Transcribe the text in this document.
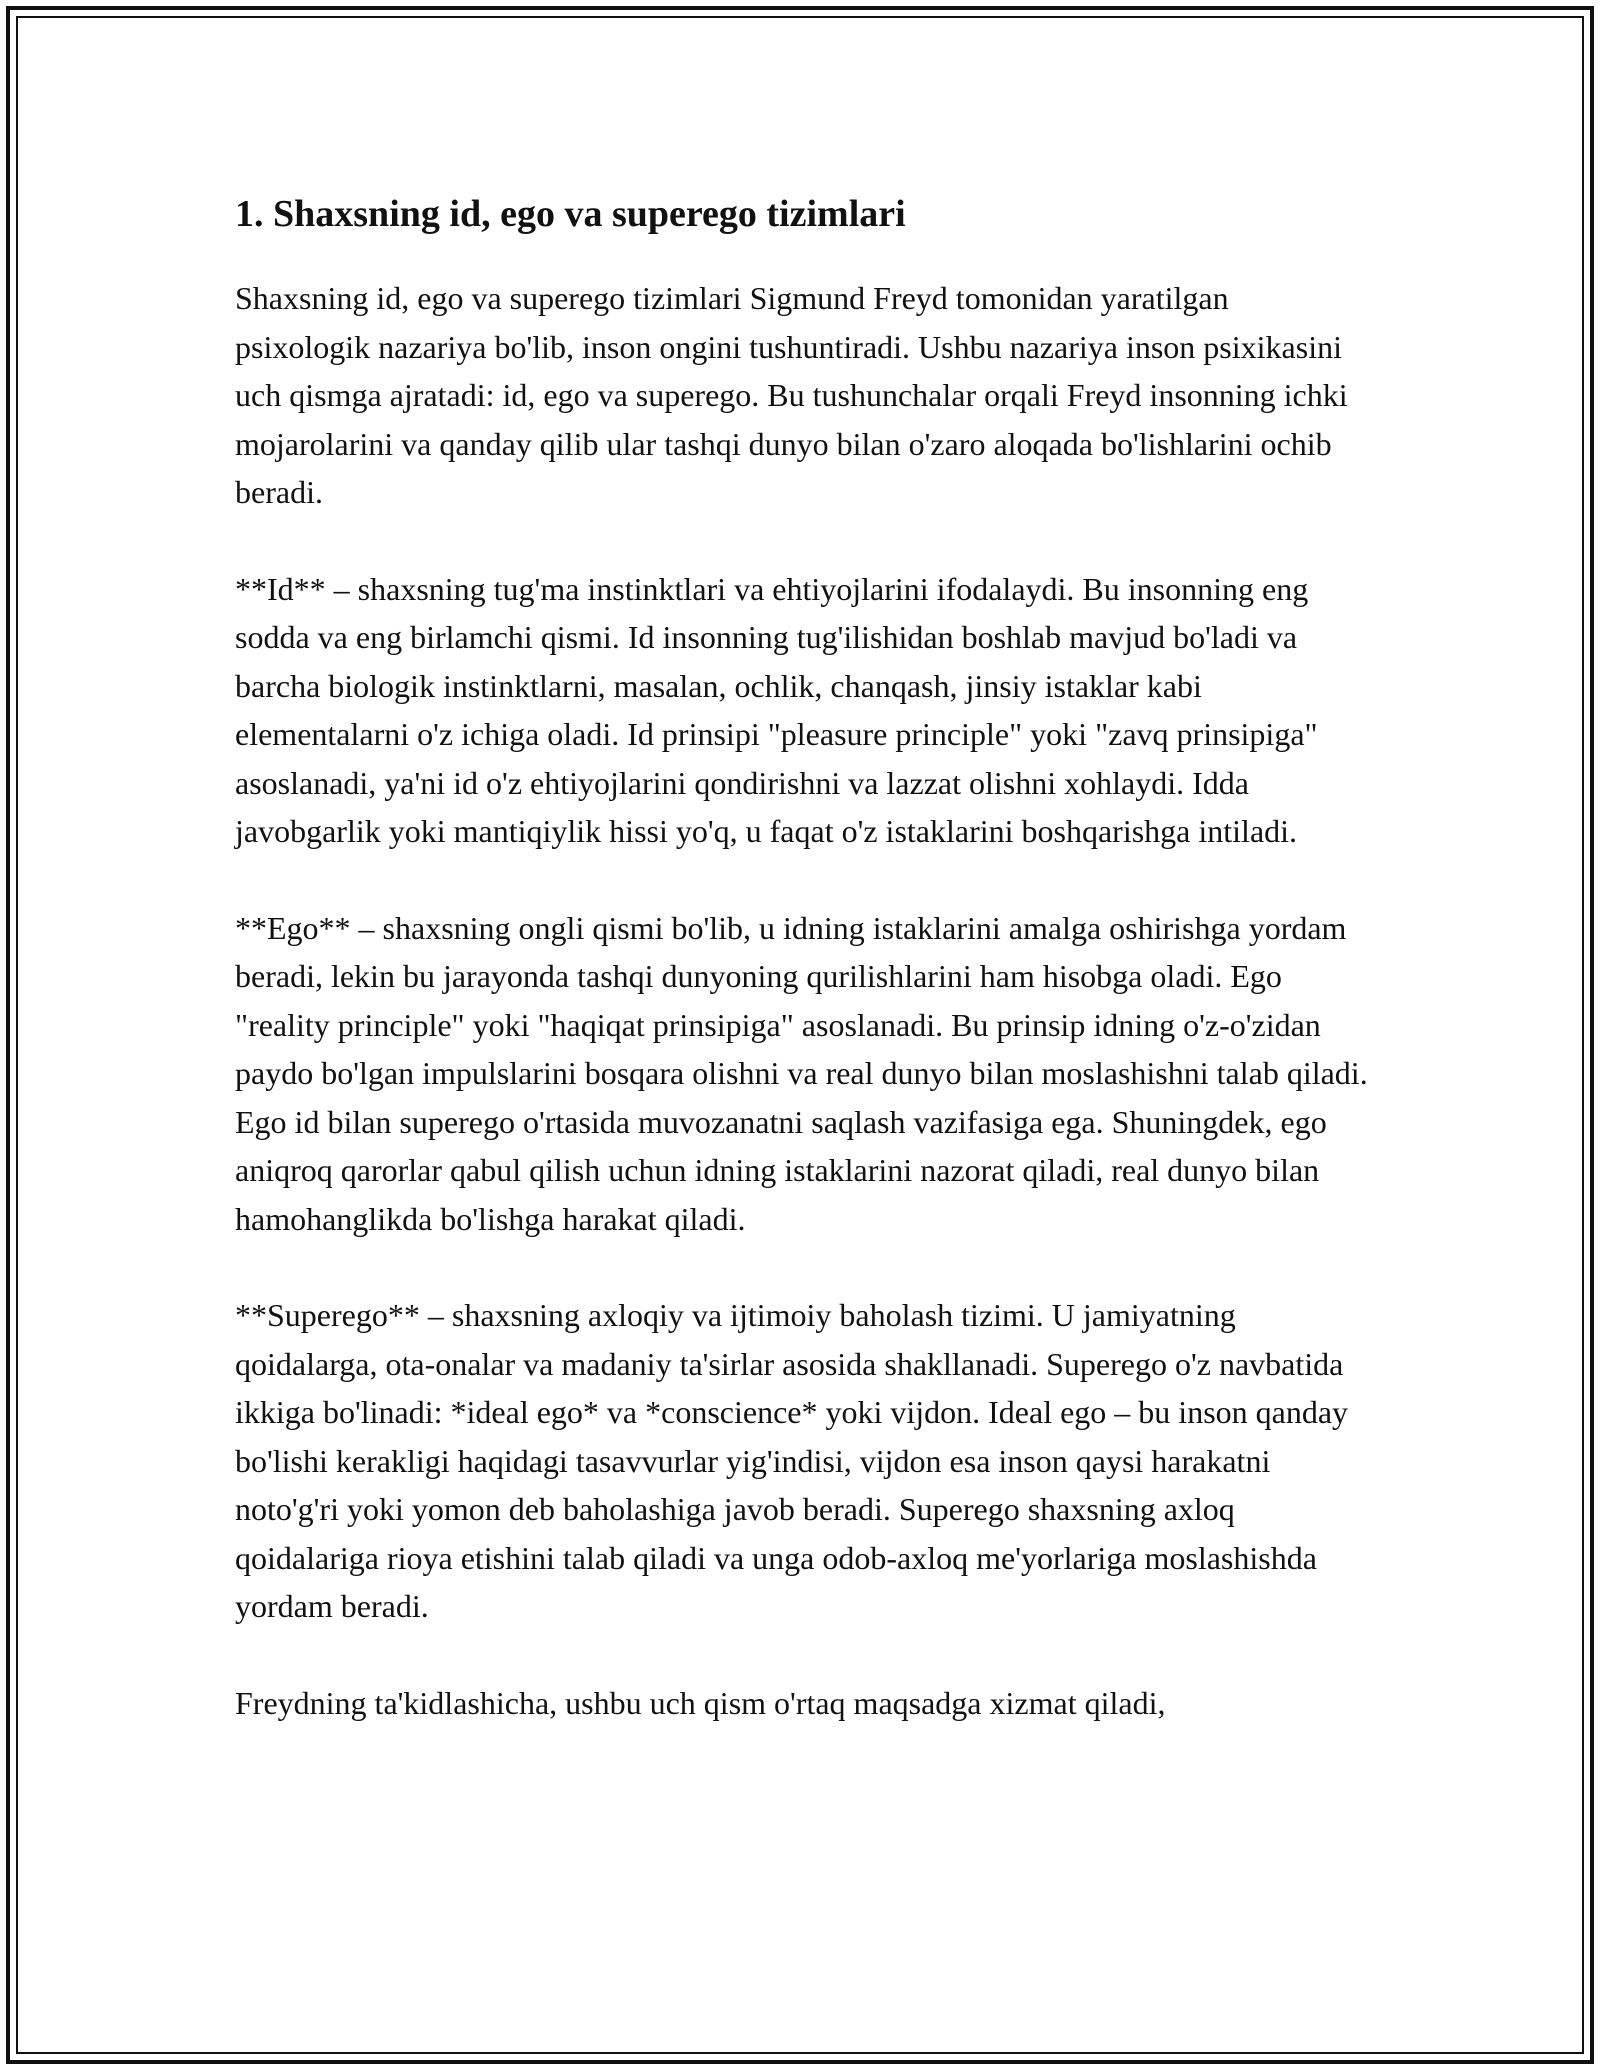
1. Shaxsning id, ego va superego tizimlari

Shaxsning id, ego va superego tizimlari Sigmund Freyd tomonidan yaratilgan psixologik nazariya bo'lib, inson ongini tushuntiradi. Ushbu nazariya inson psixikasini uch qismga ajratadi: id, ego va superego. Bu tushunchalar orqali Freyd insonning ichki mojarolarini va qanday qilib ular tashqi dunyo bilan o'zaro aloqada bo'lishlarini ochib beradi.

**Id** – shaxsning tug'ma instinktlari va ehtiyojlarini ifodalaydi. Bu insonning eng sodda va eng birlamchi qismi. Id insonning tug'ilishidan boshlab mavjud bo'ladi va barcha biologik instinktlarni, masalan, ochlik, chanqash, jinsiy istaklar kabi elementalarni o'z ichiga oladi. Id prinsipi "pleasure principle" yoki "zavq prinsipiga" asoslanadi, ya'ni id o'z ehtiyojlarini qondirishni va lazzat olishni xohlaydi. Idda javobgarlik yoki mantiqiylik hissi yo'q, u faqat o'z istaklarini boshqarishga intiladi.

**Ego** – shaxsning ongli qismi bo'lib, u idning istaklarini amalga oshirishga yordam beradi, lekin bu jarayonda tashqi dunyoning qurilishlarini ham hisobga oladi. Ego "reality principle" yoki "haqiqat prinsipiga" asoslanadi. Bu prinsip idning o'z-o'zidan paydo bo'lgan impulslarini bosqara olishni va real dunyo bilan moslashishni talab qiladi. Ego id bilan superego o'rtasida muvozanatni saqlash vazifasiga ega. Shuningdek, ego aniqroq qarorlar qabul qilish uchun idning istaklarini nazorat qiladi, real dunyo bilan hamohanglikda bo'lishga harakat qiladi.

**Superego** – shaxsning axloqiy va ijtimoiy baholash tizimi. U jamiyatning qoidalarga, ota-onalar va madaniy ta'sirlar asosida shakllanadi. Superego o'z navbatida ikkiga bo'linadi: *ideal ego* va *conscience* yoki vijdon. Ideal ego – bu inson qanday bo'lishi kerakligi haqidagi tasavvurlar yig'indisi, vijdon esa inson qaysi harakatni noto'g'ri yoki yomon deb baholashiga javob beradi. Superego shaxsning axloq qoidalariga rioya etishini talab qiladi va unga odob-axloq me'yorlariga moslashishda yordam beradi.

Freydning ta'kidlashicha, ushbu uch qism o'rtaq maqsadga xizmat qiladi,
